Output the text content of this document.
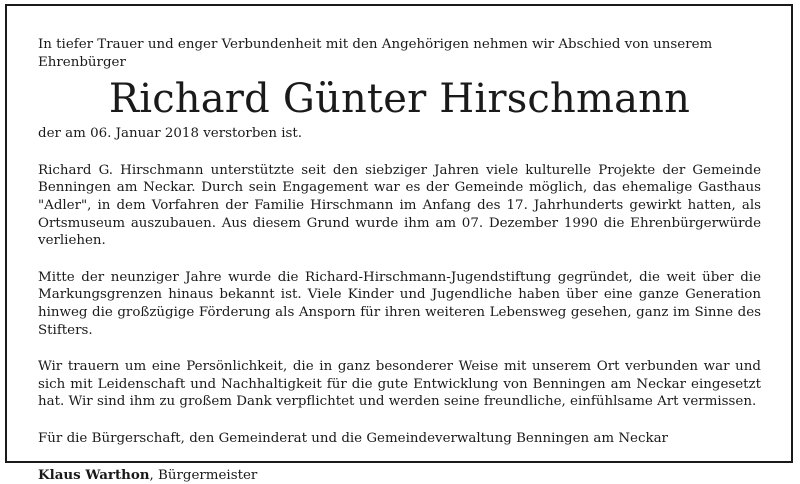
In tiefer Trauer und enger Verbundenheit mit den Angehörigen nehmen wir Abschied von unserem Ehrenbürger

Richard Günter Hirschmann

der am 06. Januar 2018 verstorben ist.

Richard G. Hirschmann unterstützte seit den siebziger Jahren viele kulturelle Projekte der Gemeinde Benningen am Neckar. Durch sein Engagement war es der Gemeinde möglich, das ehemalige Gasthaus "Adler", in dem Vorfahren der Familie Hirschmann im Anfang des 17. Jahrhunderts gewirkt hatten, als Ortsmuseum auszubauen. Aus diesem Grund wurde ihm am 07. Dezember 1990 die Ehrenbürgerwürde verliehen.

Mitte der neunziger Jahre wurde die Richard-Hirschmann-Jugendstiftung gegründet, die weit über die Markungsgrenzen hinaus bekannt ist. Viele Kinder und Jugendliche haben über eine ganze Generation hinweg die großzügige Förderung als Ansporn für ihren weiteren Lebensweg gesehen, ganz im Sinne des Stifters.

Wir trauern um eine Persönlichkeit, die in ganz besonderer Weise mit unserem Ort verbunden war und sich mit Leidenschaft und Nachhaltigkeit für die gute Entwicklung von Benningen am Neckar eingesetzt hat. Wir sind ihm zu großem Dank verpflichtet und werden seine freundliche, einfühlsame Art vermissen.

Für die Bürgerschaft, den Gemeinderat und die Gemeindeverwaltung Benningen am Neckar

Klaus Warthon, Bürgermeister
